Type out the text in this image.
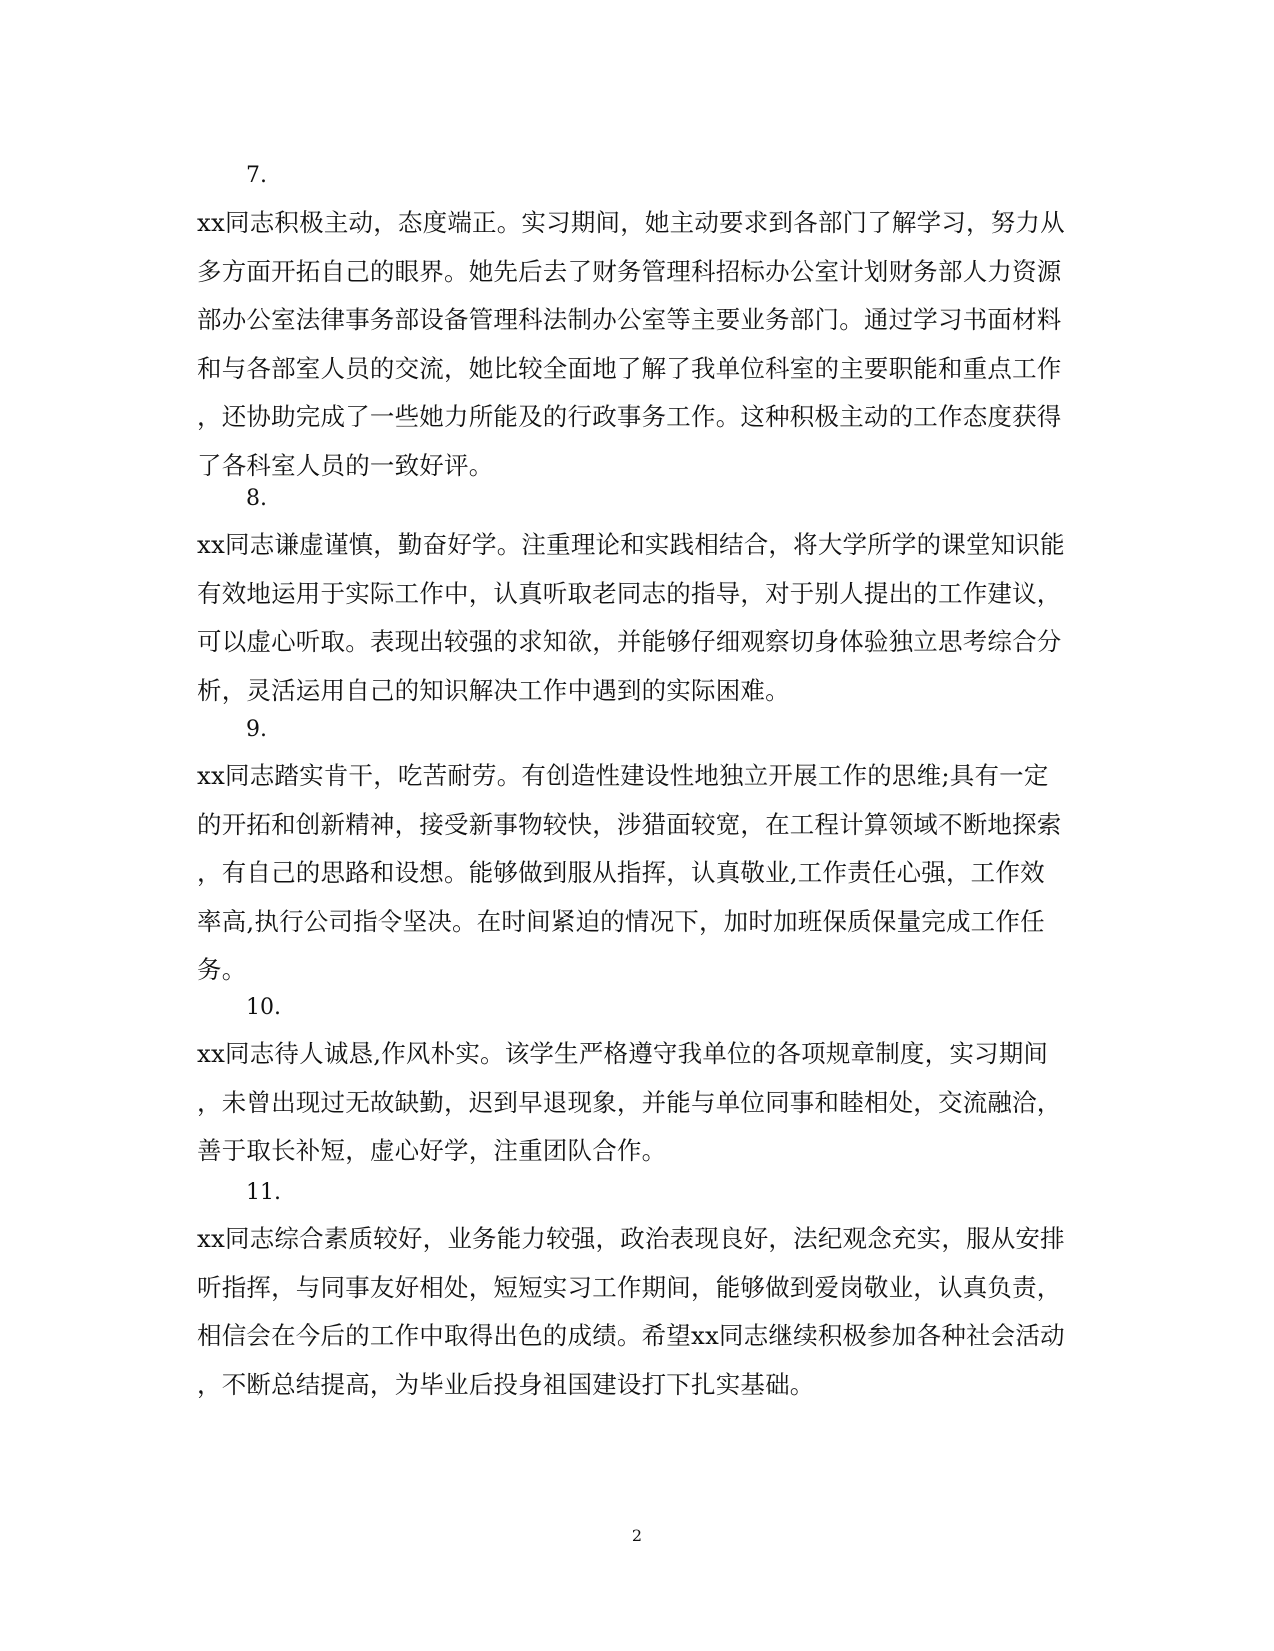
7.
xx同志积极主动，态度端正。实习期间，她主动要求到各部门了解学习，努力从
多方面开拓自己的眼界。她先后去了财务管理科招标办公室计划财务部人力资源
部办公室法律事务部设备管理科法制办公室等主要业务部门。通过学习书面材料
和与各部室人员的交流，她比较全面地了解了我单位科室的主要职能和重点工作
，还协助完成了一些她力所能及的行政事务工作。这种积极主动的工作态度获得
了各科室人员的一致好评。
8.
xx同志谦虚谨慎，勤奋好学。注重理论和实践相结合，将大学所学的课堂知识能
有效地运用于实际工作中，认真听取老同志的指导，对于别人提出的工作建议，
可以虚心听取。表现出较强的求知欲，并能够仔细观察切身体验独立思考综合分
析，灵活运用自己的知识解决工作中遇到的实际困难。
9.
xx同志踏实肯干，吃苦耐劳。有创造性建设性地独立开展工作的思维;具有一定
的开拓和创新精神，接受新事物较快，涉猎面较宽，在工程计算领域不断地探索
，有自己的思路和设想。能够做到服从指挥，认真敬业,工作责任心强，工作效
率高,执行公司指令坚决。在时间紧迫的情况下，加时加班保质保量完成工作任
务。
10.
xx同志待人诚恳,作风朴实。该学生严格遵守我单位的各项规章制度，实习期间
，未曾出现过无故缺勤，迟到早退现象，并能与单位同事和睦相处，交流融洽，
善于取长补短，虚心好学，注重团队合作。
11.
xx同志综合素质较好，业务能力较强，政治表现良好，法纪观念充实，服从安排
听指挥，与同事友好相处，短短实习工作期间，能够做到爱岗敬业，认真负责，
相信会在今后的工作中取得出色的成绩。希望xx同志继续积极参加各种社会活动
，不断总结提高，为毕业后投身祖国建设打下扎实基础。
2
